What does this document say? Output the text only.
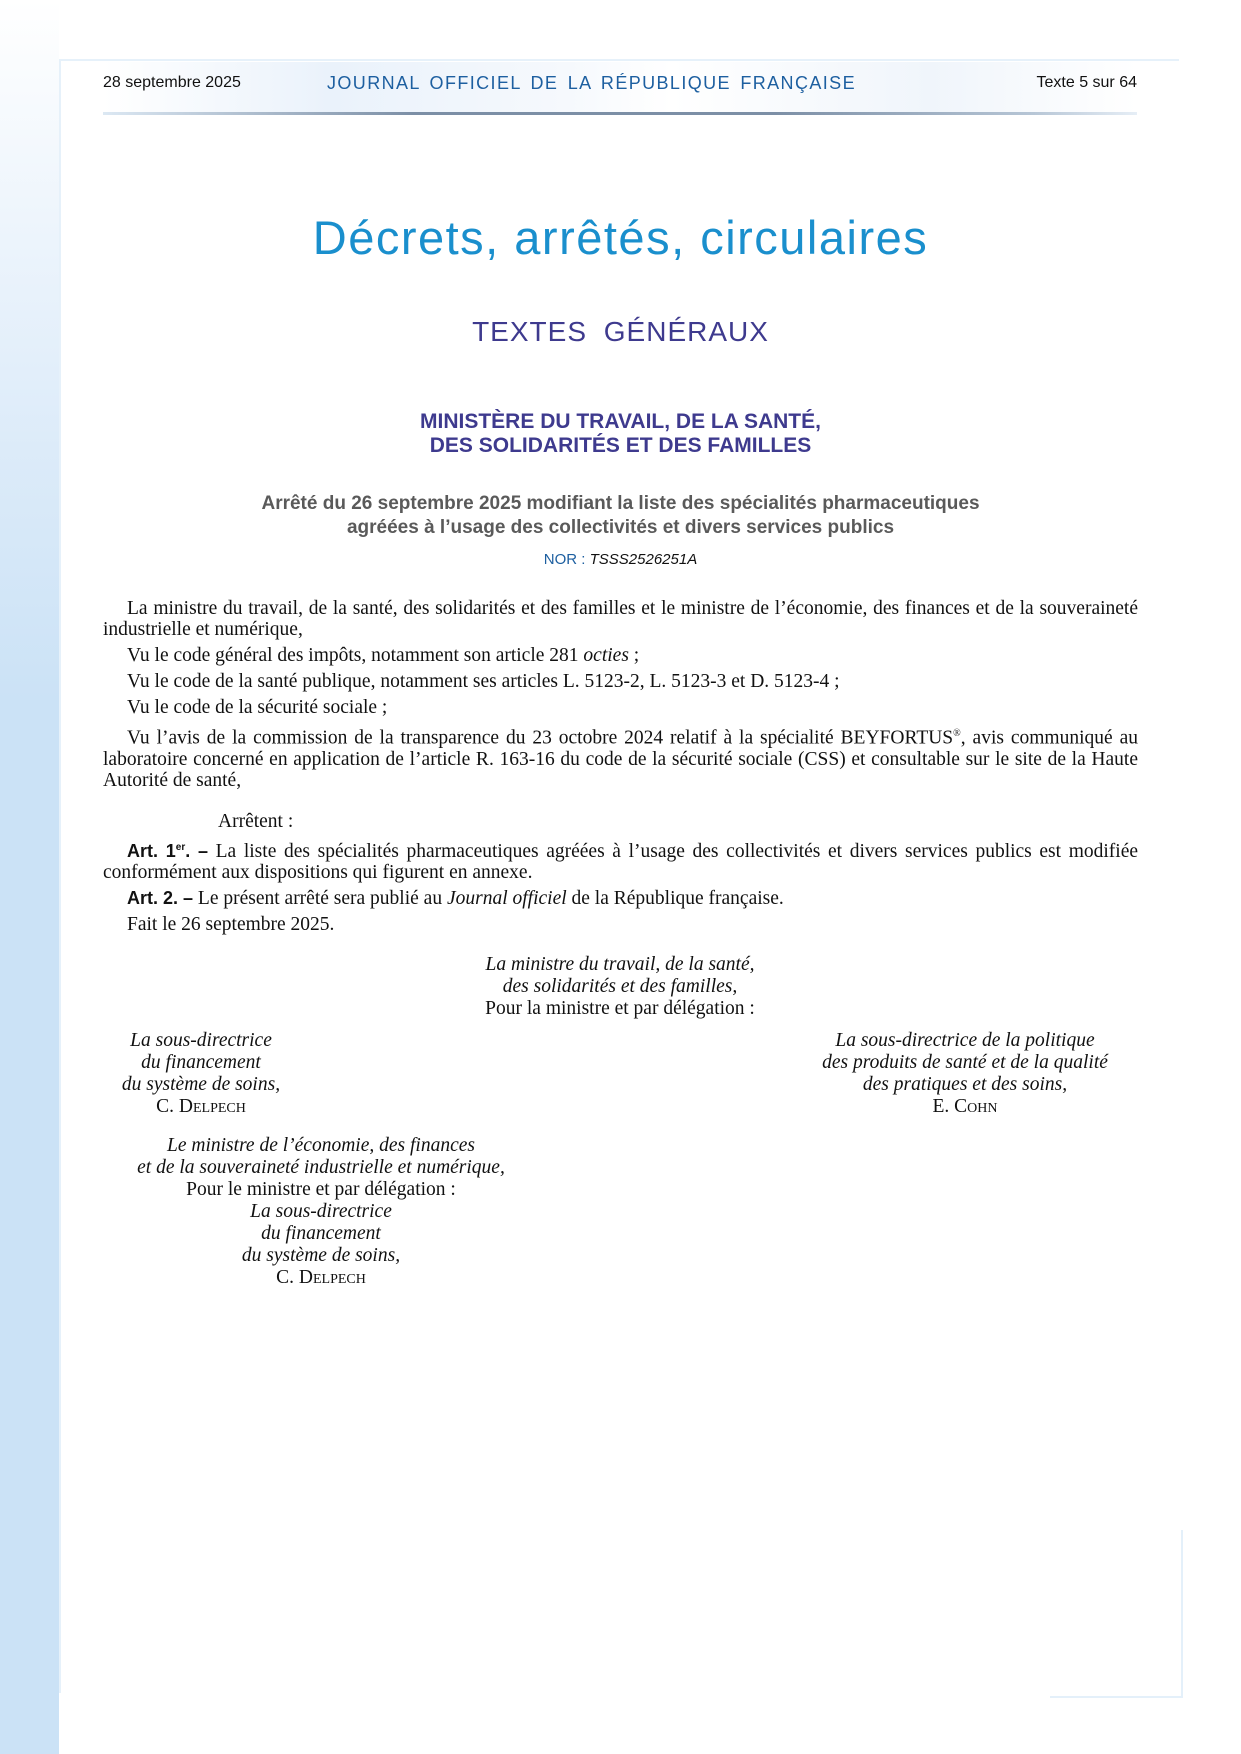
28 septembre 2025	JOURNAL OFFICIEL DE LA RÉPUBLIQUE FRANÇAISE	Texte 5 sur 64
Décrets, arrêtés, circulaires
TEXTES GÉNÉRAUX
MINISTÈRE DU TRAVAIL, DE LA SANTÉ,
DES SOLIDARITÉS ET DES FAMILLES
Arrêté du 26 septembre 2025 modifiant la liste des spécialités pharmaceutiques
agréées à l’usage des collectivités et divers services publics
NOR : TSSS2526251A

La ministre du travail, de la santé, des solidarités et des familles et le ministre de l’économie, des finances et de la souveraineté industrielle et numérique,

Vu le code général des impôts, notamment son article 281 octies ;

Vu le code de la santé publique, notamment ses articles L. 5123-2, L. 5123-3 et D. 5123-4 ;

Vu le code de la sécurité sociale ;

Vu l’avis de la commission de la transparence du 23 octobre 2024 relatif à la spécialité BEYFORTUS®, avis communiqué au laboratoire concerné en application de l’article R. 163-16 du code de la sécurité sociale (CSS) et consultable sur le site de la Haute Autorité de santé,

Arrêtent :

Art. 1er. – La liste des spécialités pharmaceutiques agréées à l’usage des collectivités et divers services publics est modifiée conformément aux dispositions qui figurent en annexe.

Art. 2. – Le présent arrêté sera publié au Journal officiel de la République française.

Fait le 26 septembre 2025.

La ministre du travail, de la santé,
des solidarités et des familles,
Pour la ministre et par délégation :
La sous-directrice
du financement
du système de soins,
C. Delpech
La sous-directrice de la politique
des produits de santé et de la qualité
des pratiques et des soins,
E. Cohn
Le ministre de l’économie, des finances
et de la souveraineté industrielle et numérique,
Pour le ministre et par délégation :
La sous-directrice
du financement
du système de soins,
C. Delpech
